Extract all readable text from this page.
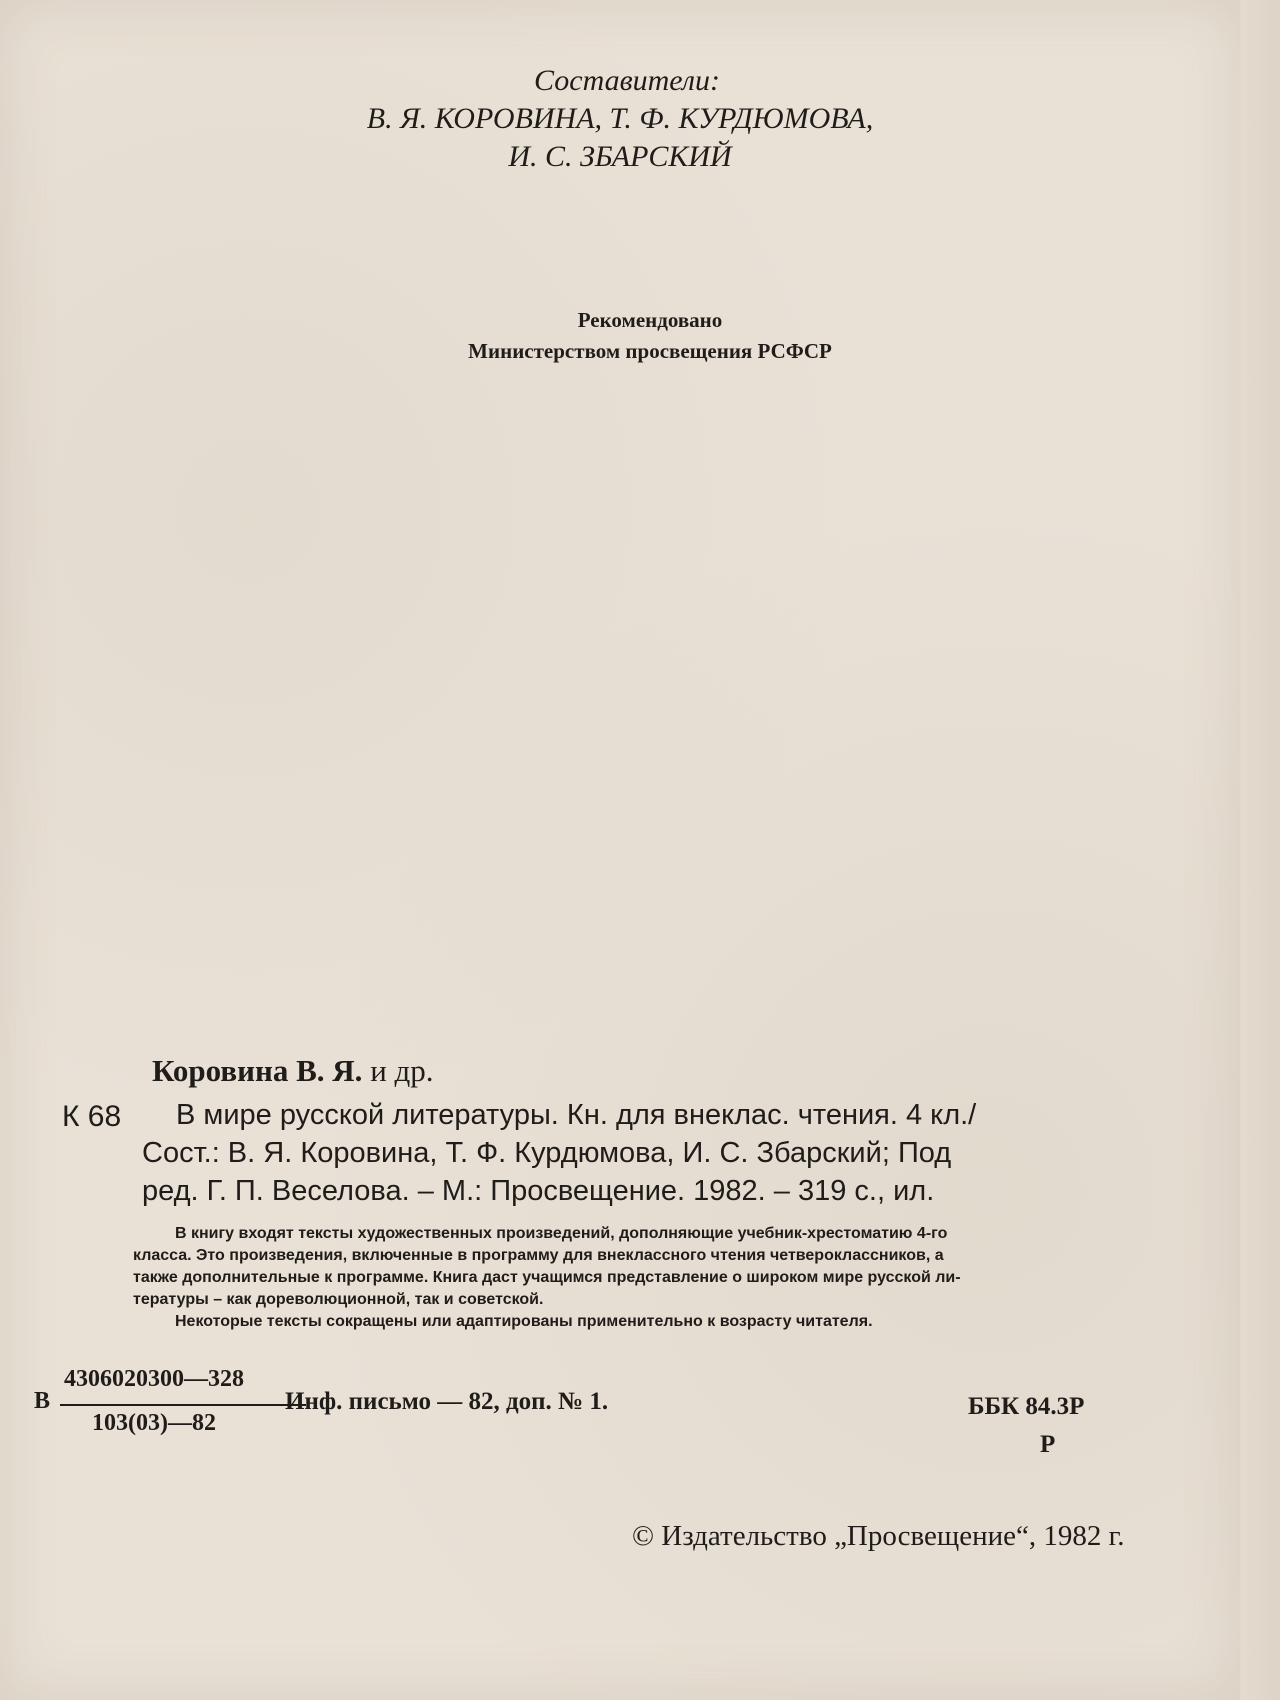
Составители:
В. Я. КОРОВИНА, Т. Ф. КУРДЮМОВА,
И. С. ЗБАРСКИЙ
Рекомендовано
Министерством просвещения РСФСР
Коровина В. Я. и др.
К 68	В мире русской литературы. Кн. для внеклас. чтения. 4 кл./
Сост.: В. Я. Коровина, Т. Ф. Курдюмова, И. С. Збарский; Под
ред. Г. П. Веселова. – М.: Просвещение. 1982. – 319 с., ил.
В книгу входят тексты художественных произведений, дополняющие учебник-хрестоматию 4-го
класса. Это произведения, включенные в программу для внеклассного чтения четвероклассников, а
также дополнительные к программе. Книга даст учащимся представление о широком мире русской ли-
тературы – как дореволюционной, так и советской.
Некоторые тексты сокращены или адаптированы применительно к возрасту читателя.
В
4306020300—328
103(03)—82
Инф. письмо — 82, доп. № 1.	ББК 84.3Р
Р
© Издательство „Просвещение“, 1982 г.
